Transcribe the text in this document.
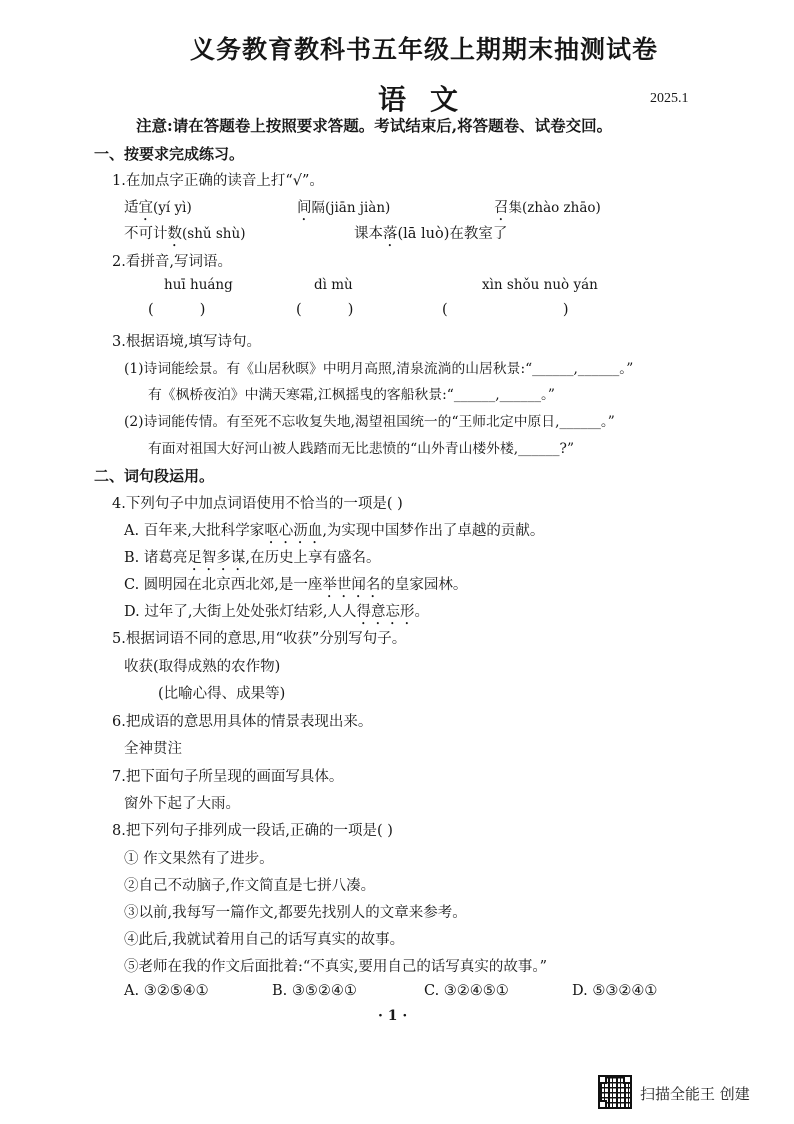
义务教育教科书五年级上期期末抽测试卷
语文	2025.1
注意:请在答题卷上按照要求答题。考试结束后,将答题卷、试卷交回。
一、按要求完成练习。
1.在加点字正确的读音上打“√”。
适宜(yí yì)	间隔(jiān jiàn)	召集(zhào zhāo)
不可计数(shǔ shù)	课本落(lā luò)在教室了
2.看拼音,写词语。
huī huáng	dì mù	xìn shǒu nuò yán
(          )	(          )	(                         )
3.根据语境,填写诗句。
(1)诗词能绘景。有《山居秋暝》中明月高照,清泉流淌的山居秋景:“______,______。”
有《枫桥夜泊》中满天寒霜,江枫摇曳的客船秋景:“______,______。”
(2)诗词能传情。有至死不忘收复失地,渴望祖国统一的“王师北定中原日,______。”
有面对祖国大好河山被人践踏而无比悲愤的“山外青山楼外楼,______?”
二、词句段运用。
4.下列句子中加点词语使用不恰当的一项是( )
A. 百年来,大批科学家呕心沥血,为实现中国梦作出了卓越的贡献。
B. 诸葛亮足智多谋,在历史上享有盛名。
C. 圆明园在北京西北郊,是一座举世闻名的皇家园林。
D. 过年了,大街上处处张灯结彩,人人得意忘形。
5.根据词语不同的意思,用“收获”分别写句子。
收获(取得成熟的农作物)
(比喻心得、成果等)
6.把成语的意思用具体的情景表现出来。
全神贯注
7.把下面句子所呈现的画面写具体。
窗外下起了大雨。
8.把下列句子排列成一段话,正确的一项是( )
① 作文果然有了进步。
②自己不动脑子,作文简直是七拼八凑。
③以前,我每写一篇作文,都要先找别人的文章来参考。
④此后,我就试着用自己的话写真实的故事。
⑤老师在我的作文后面批着:“不真实,要用自己的话写真实的故事。”
A. ③②⑤④①	B. ③⑤②④①	C. ③②④⑤①	D. ⑤③②④①
· 1 ·
扫描全能王 创建
